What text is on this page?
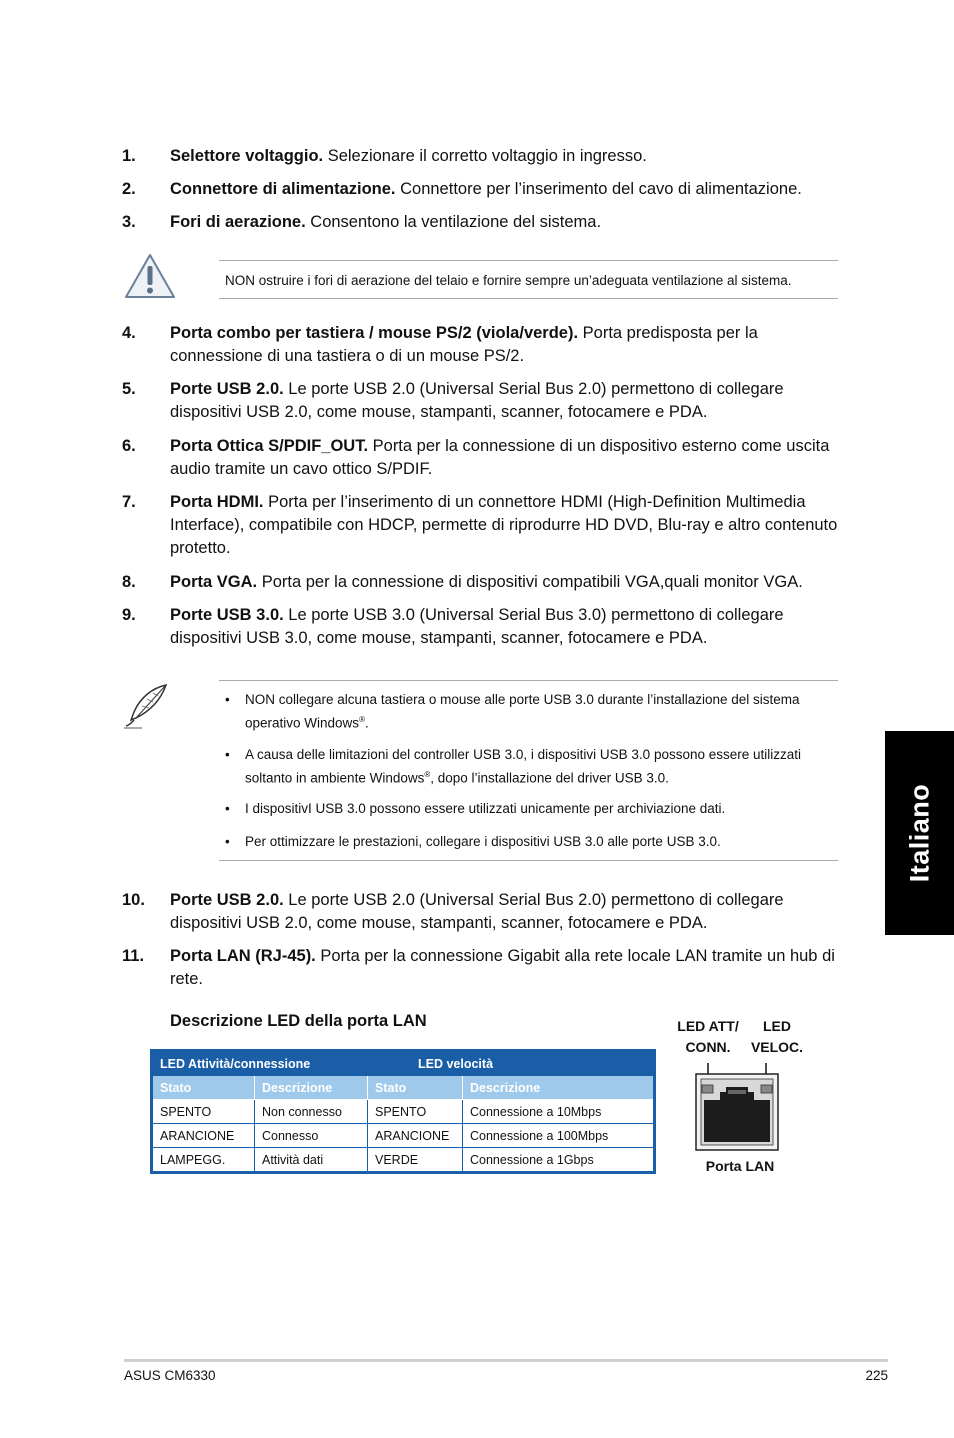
1. Selettore voltaggio. Selezionare il corretto voltaggio in ingresso.
2. Connettore di alimentazione. Connettore per l’inserimento del cavo di alimentazione.
3. Fori di aerazione. Consentono la ventilazione del sistema.
NON ostruire i fori di aerazione del telaio e fornire sempre un’adeguata ventilazione al sistema.
4. Porta combo per tastiera / mouse PS/2 (viola/verde). Porta predisposta per la connessione di una tastiera o di un mouse PS/2.
5. Porte USB 2.0. Le porte USB 2.0 (Universal Serial Bus 2.0) permettono di collegare dispositivi USB 2.0, come mouse, stampanti, scanner, fotocamere e PDA.
6. Porta Ottica S/PDIF_OUT. Porta per la connessione di un dispositivo esterno come uscita audio tramite un cavo ottico S/PDIF.
7. Porta HDMI. Porta per l’inserimento di un connettore HDMI (High-Definition Multimedia Interface), compatibile con HDCP, permette di riprodurre HD DVD, Blu-ray e altro contenuto protetto.
8. Porta VGA. Porta per la connessione di dispositivi compatibili VGA,quali monitor VGA.
9. Porte USB 3.0. Le porte USB 3.0 (Universal Serial Bus 3.0) permettono di collegare dispositivi USB 3.0, come mouse, stampanti, scanner, fotocamere e PDA.
• NON collegare alcuna tastiera o mouse alle porte USB 3.0 durante l’installazione del sistema operativo Windows®.
• A causa delle limitazioni del controller USB 3.0, i dispositivi USB 3.0 possono essere utilizzati soltanto in ambiente Windows®, dopo l’installazione del driver USB 3.0.
• I dispositivI USB 3.0 possono essere utilizzati unicamente per archiviazione dati.
• Per ottimizzare le prestazioni, collegare i dispositivi USB 3.0 alle porte USB 3.0.
10. Porte USB 2.0. Le porte USB 2.0 (Universal Serial Bus 2.0) permettono di collegare dispositivi USB 2.0, come mouse, stampanti, scanner, fotocamere e PDA.
11. Porta LAN (RJ-45). Porta per la connessione Gigabit alla rete locale LAN tramite un hub di rete.
Descrizione LED della porta LAN
LED Attività/connessione		LED velocità	
Stato	Descrizione	Stato	Descrizione
SPENTO	Non connesso	SPENTO	Connessione a 10Mbps
ARANCIONE	Connesso	ARANCIONE	Connessione a 100Mbps
LAMPEGG.	Attività dati	VERDE	Connessione a 1Gbps
LED ATT/
CONN.
LED
VELOC.
Porta LAN
Italiano
ASUS CM6330	225
